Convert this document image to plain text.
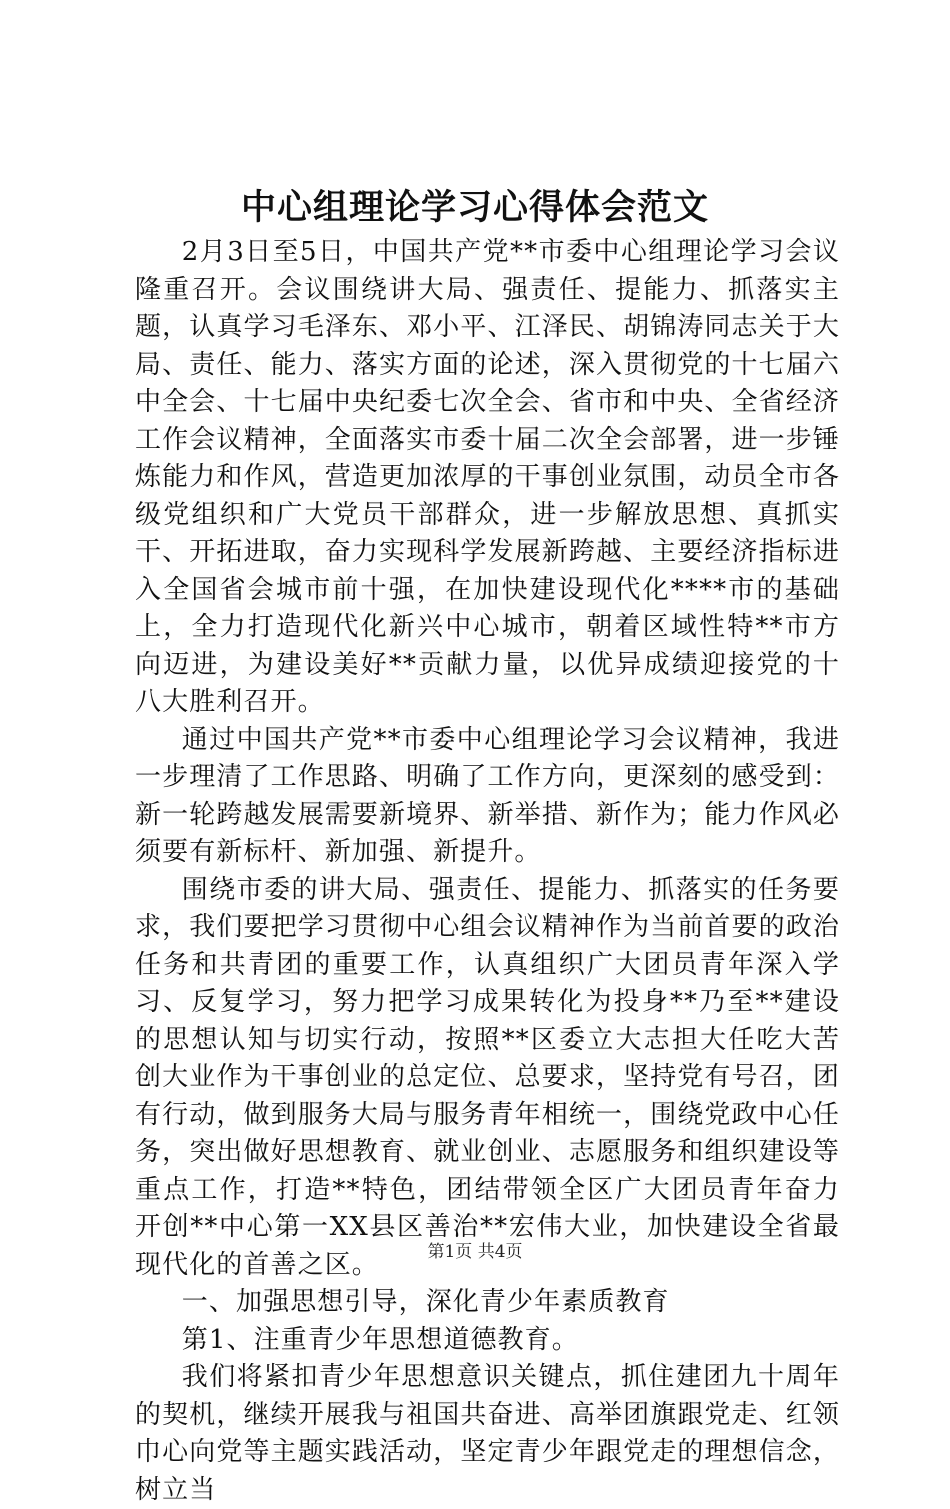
中心组理论学习心得体会范文

2月3日至5日，中国共产党**市委中心组理论学习会议隆重召开。会议围绕讲大局、强责任、提能力、抓落实主题，认真学习毛泽东、邓小平、江泽民、胡锦涛同志关于大局、责任、能力、落实方面的论述，深入贯彻党的十七届六中全会、十七届中央纪委七次全会、省市和中央、全省经济工作会议精神，全面落实市委十届二次全会部署，进一步锤炼能力和作风，营造更加浓厚的干事创业氛围，动员全市各级党组织和广大党员干部群众，进一步解放思想、真抓实干、开拓进取，奋力实现科学发展新跨越、主要经济指标进入全国省会城市前十强，在加快建设现代化****市的基础上，全力打造现代化新兴中心城市，朝着区域性特**市方向迈进，为建设美好**贡献力量，以优异成绩迎接党的十八大胜利召开。

通过中国共产党**市委中心组理论学习会议精神，我进一步理清了工作思路、明确了工作方向，更深刻的感受到：新一轮跨越发展需要新境界、新举措、新作为；能力作风必须要有新标杆、新加强、新提升。

围绕市委的讲大局、强责任、提能力、抓落实的任务要求，我们要把学习贯彻中心组会议精神作为当前首要的政治任务和共青团的重要工作，认真组织广大团员青年深入学习、反复学习，努力把学习成果转化为投身**乃至**建设的思想认知与切实行动，按照**区委立大志担大任吃大苦创大业作为干事创业的总定位、总要求，坚持党有号召，团有行动，做到服务大局与服务青年相统一，围绕党政中心任务，突出做好思想教育、就业创业、志愿服务和组织建设等重点工作，打造**特色，团结带领全区广大团员青年奋力开创**中心第一XX县区善治**宏伟大业，加快建设全省最现代化的首善之区。

一、加强思想引导，深化青少年素质教育

第1、注重青少年思想道德教育。

我们将紧扣青少年思想意识关键点，抓住建团九十周年的契机，继续开展我与祖国共奋进、高举团旗跟党走、红领巾心向党等主题实践活动，坚定青少年跟党走的理想信念，树立当

第1页 共4页
